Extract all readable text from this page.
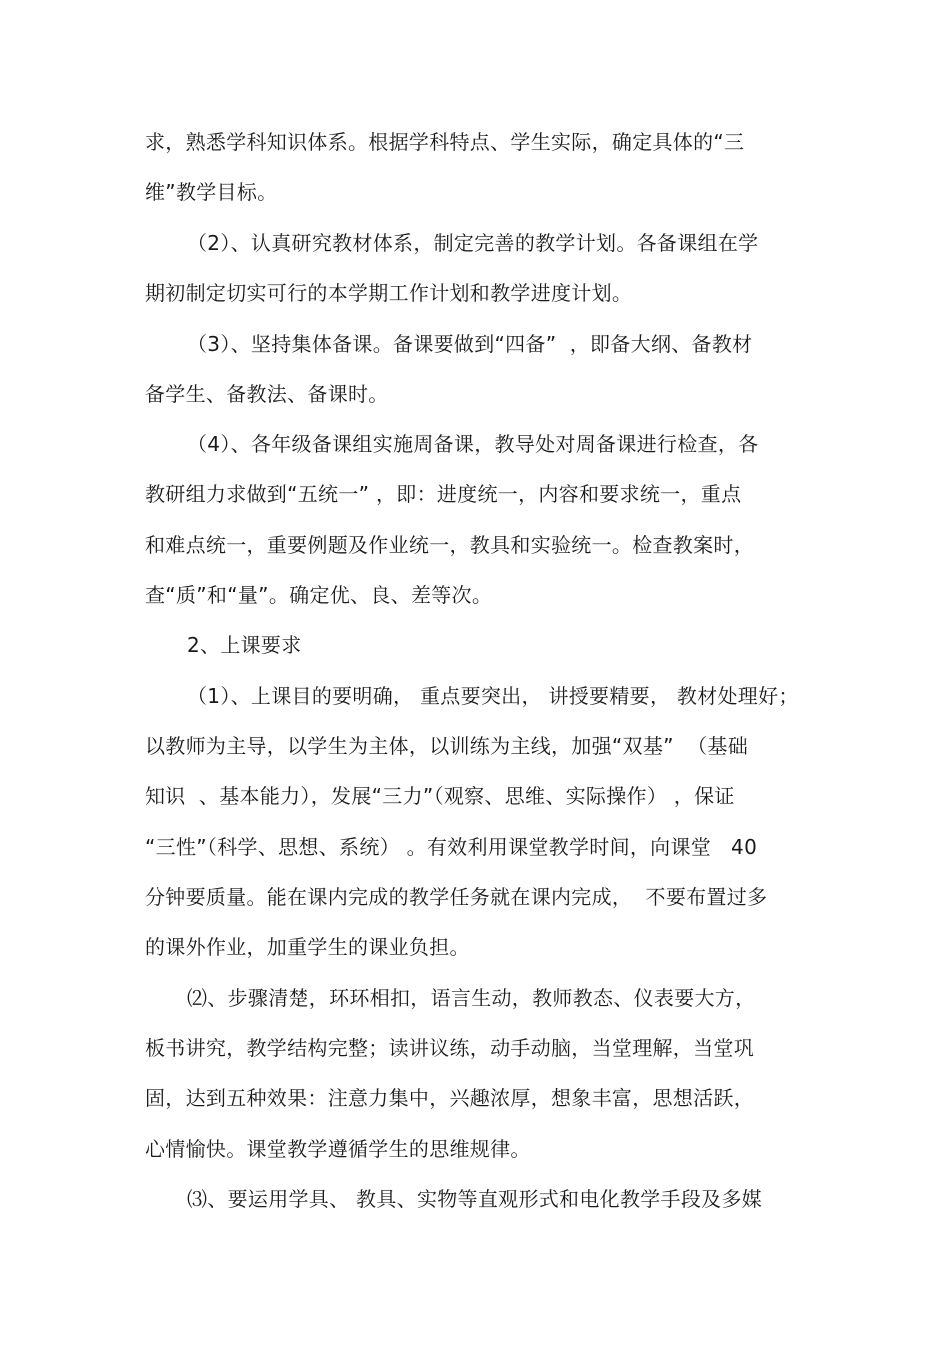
求，熟悉学科知识体系。根据学科特点、学生实际，确定具体的“三
维”教学目标。
（2）、认真研究教材体系，制定完善的教学计划。各备课组在学
期初制定切实可行的本学期工作计划和教学进度计划。
（3）、坚持集体备课。备课要做到“四备”  ，即备大纲、备教材
备学生、备教法、备课时。
（4）、各年级备课组实施周备课，教导处对周备课进行检查，各
教研组力求做到“五统一” ，即：进度统一，内容和要求统一，重点
和难点统一，重要例题及作业统一，教具和实验统一。检查教案时，
查“质”和“量”。确定优、良、差等次。
2、上课要求
（1）、上课目的要明确， 重点要突出， 讲授要精要， 教材处理好；
以教师为主导，以学生为主体，以训练为主线，加强“双基”  （基础
知识  、基本能力），发展“三力”（观察、思维、实际操作） ，保证
“三性”（科学、思想、系统） 。有效利用课堂教学时间，向课堂   40
分钟要质量。能在课内完成的教学任务就在课内完成，  不要布置过多
的课外作业，加重学生的课业负担。
⑵、步骤清楚，环环相扣，语言生动，教师教态、仪表要大方，
板书讲究，教学结构完整；读讲议练，动手动脑，当堂理解，当堂巩
固，达到五种效果：注意力集中，兴趣浓厚，想象丰富，思想活跃，
心情愉快。课堂教学遵循学生的思维规律。
⑶、要运用学具、 教具、实物等直观形式和电化教学手段及多媒
